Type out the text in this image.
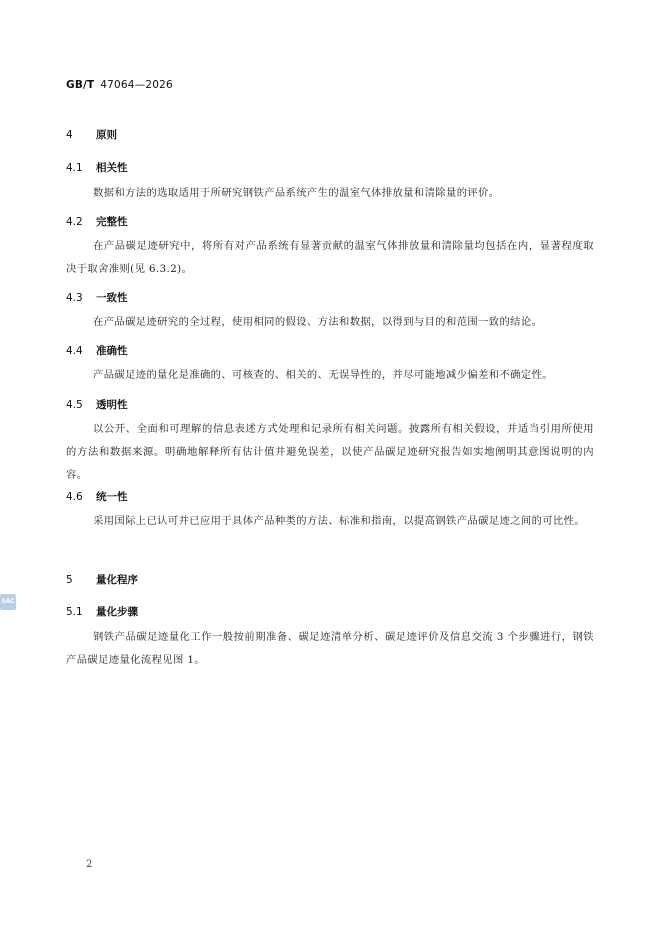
GB/T 47064—2026
4 原则
4.1 相关性

数据和方法的选取适用于所研究钢铁产品系统产生的温室气体排放量和清除量的评价。

4.2 完整性

在产品碳足迹研究中，将所有对产品系统有显著贡献的温室气体排放量和清除量均包括在内，显著程度取决于取舍准则(见 6.3.2)。

4.3 一致性

在产品碳足迹研究的全过程，使用相同的假设、方法和数据，以得到与目的和范围一致的结论。

4.4 准确性

产品碳足迹的量化是准确的、可核查的、相关的、无误导性的，并尽可能地减少偏差和不确定性。

4.5 透明性

以公开、全面和可理解的信息表述方式处理和记录所有相关问题。披露所有相关假设，并适当引用所使用的方法和数据来源。明确地解释所有估计值并避免误差，以使产品碳足迹研究报告如实地阐明其意图说明的内容。

4.6 统一性

采用国际上已认可并已应用于具体产品种类的方法、标准和指南，以提高钢铁产品碳足迹之间的可比性。

5 量化程序
5.1 量化步骤

钢铁产品碳足迹量化工作一般按前期准备、碳足迹清单分析、碳足迹评价及信息交流 3 个步骤进行，钢铁产品碳足迹量化流程见图 1。

2
SAC
